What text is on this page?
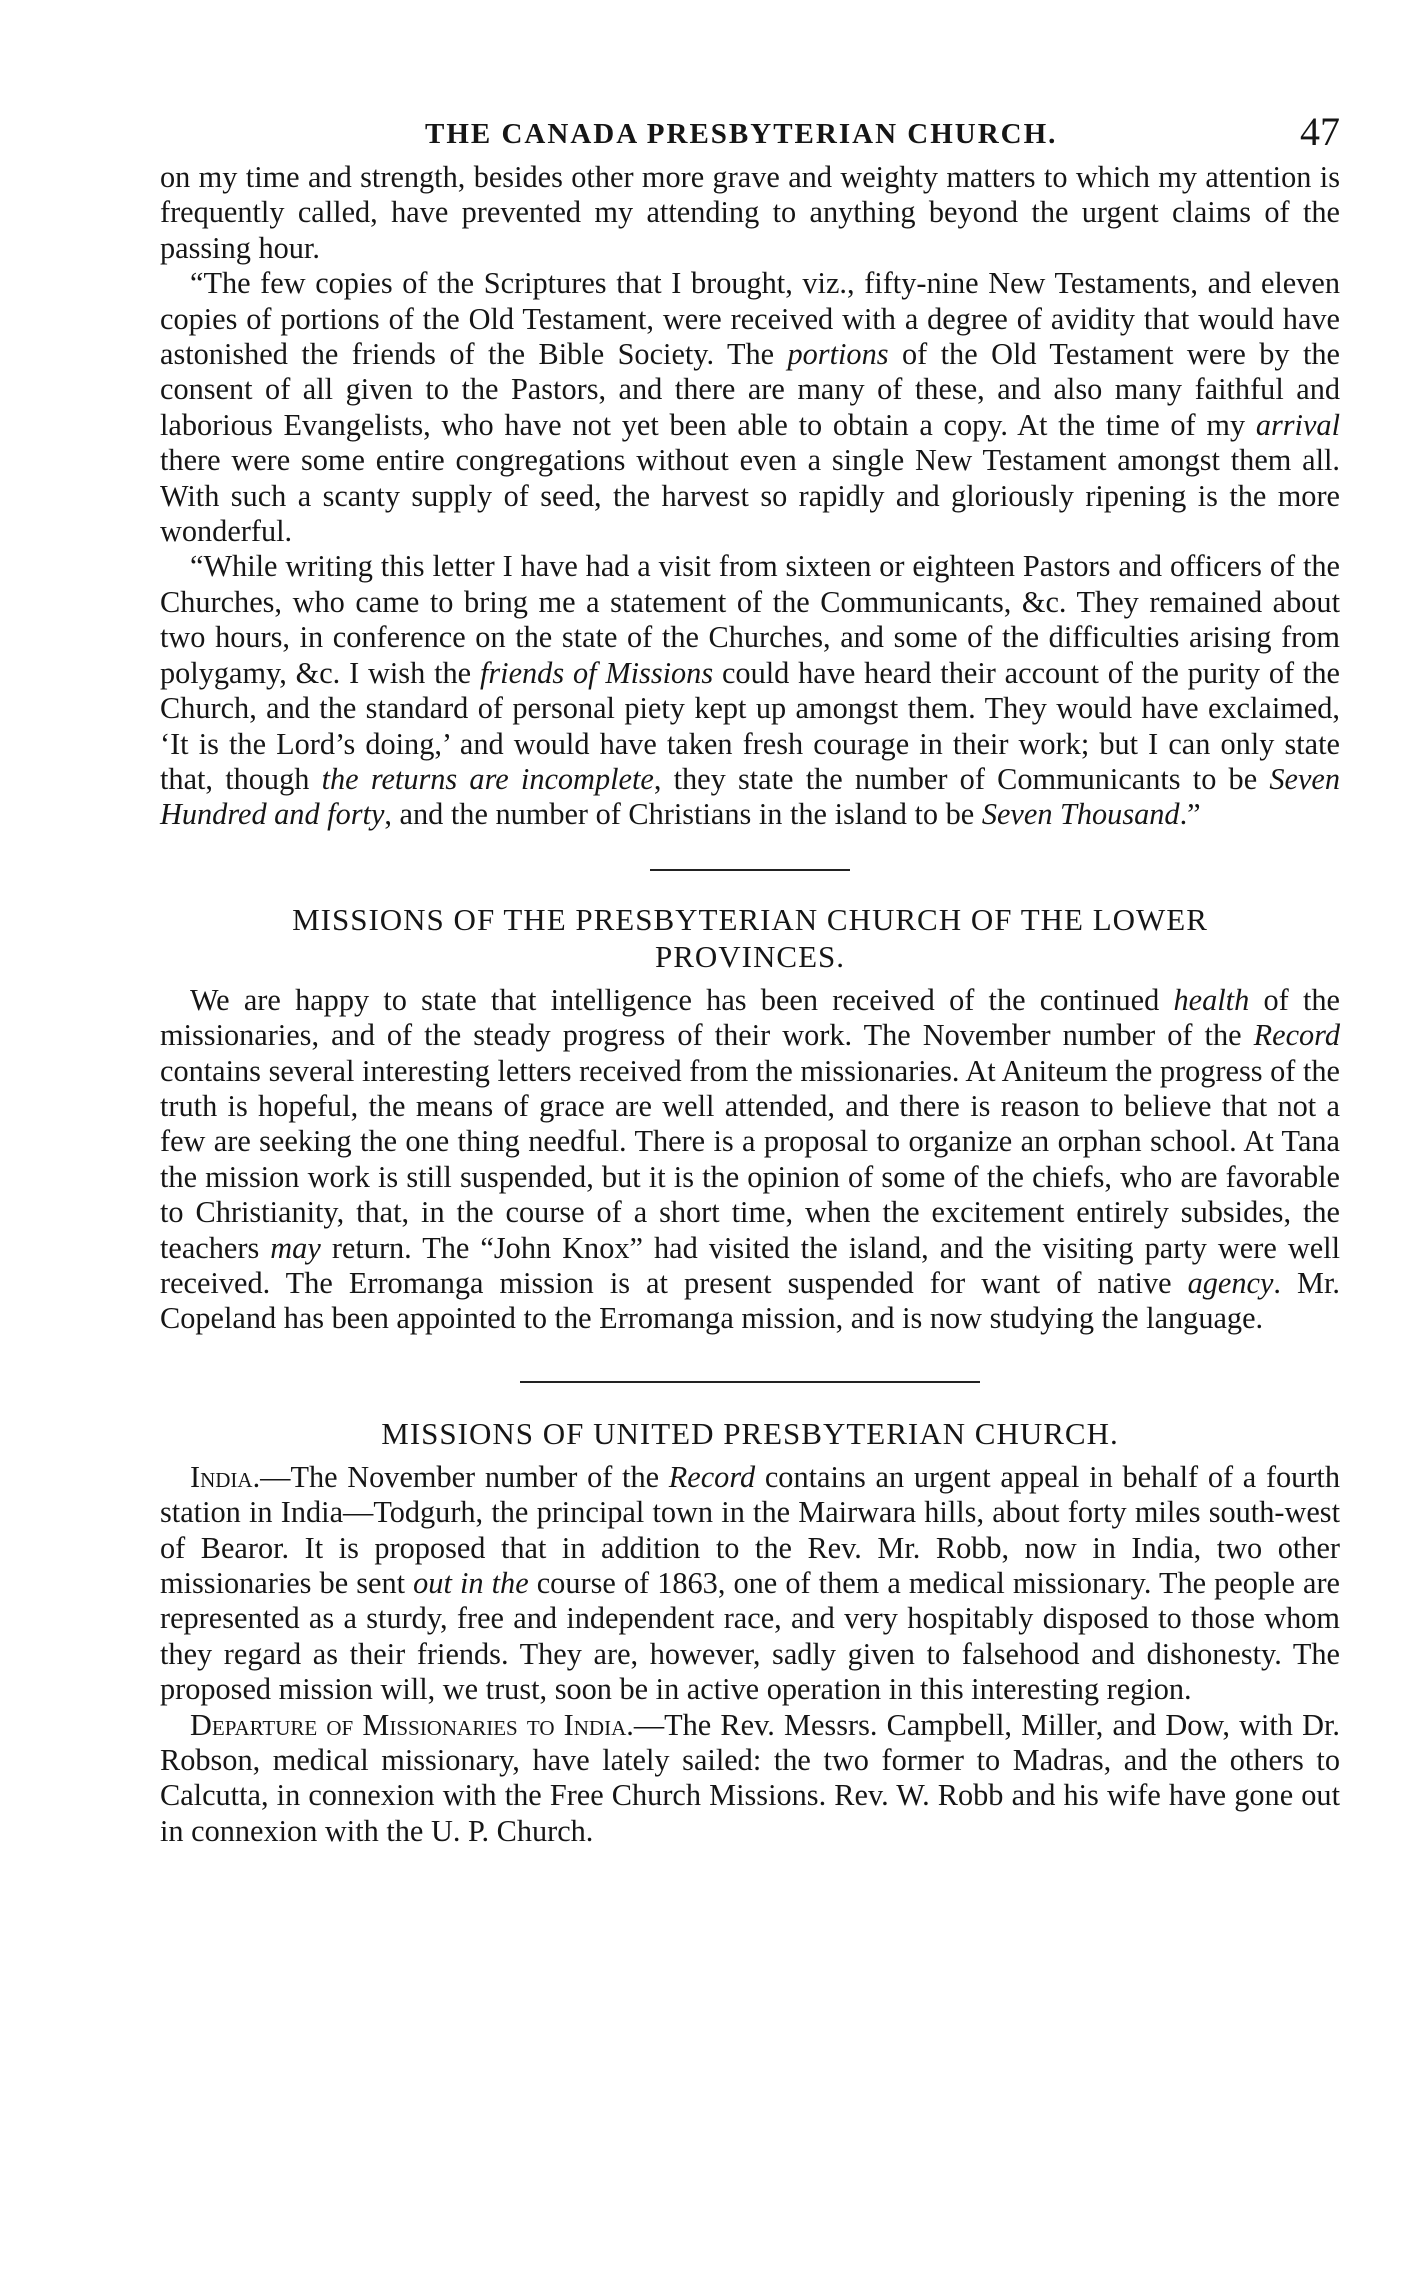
THE CANADA PRESBYTERIAN CHURCH.	47

on my time and strength, besides other more grave and weighty matters to which my attention is frequently called, have prevented my attending to anything beyond the urgent claims of the passing hour.

“The few copies of the Scriptures that I brought, viz., fifty-nine New Testaments, and eleven copies of portions of the Old Testament, were received with a degree of avidity that would have astonished the friends of the Bible Society. The portions of the Old Testament were by the consent of all given to the Pastors, and there are many of these, and also many faithful and laborious Evangelists, who have not yet been able to obtain a copy. At the time of my arrival there were some entire congregations without even a single New Testament amongst them all. With such a scanty supply of seed, the harvest so rapidly and gloriously ripening is the more wonderful.

“While writing this letter I have had a visit from sixteen or eighteen Pastors and officers of the Churches, who came to bring me a statement of the Communicants, &c. They remained about two hours, in conference on the state of the Churches, and some of the difficulties arising from polygamy, &c. I wish the friends of Missions could have heard their account of the purity of the Church, and the standard of personal piety kept up amongst them. They would have exclaimed, ‘It is the Lord’s doing,’ and would have taken fresh courage in their work; but I can only state that, though the returns are incomplete, they state the number of Communicants to be Seven Hundred and forty, and the number of Christians in the island to be Seven Thousand.”

MISSIONS OF THE PRESBYTERIAN CHURCH OF THE LOWER
PROVINCES.

We are happy to state that intelligence has been received of the continued health of the missionaries, and of the steady progress of their work. The November number of the Record contains several interesting letters received from the missionaries. At Aniteum the progress of the truth is hopeful, the means of grace are well attended, and there is reason to believe that not a few are seeking the one thing needful. There is a proposal to organize an orphan school. At Tana the mission work is still suspended, but it is the opinion of some of the chiefs, who are favorable to Christianity, that, in the course of a short time, when the excitement entirely subsides, the teachers may return. The “John Knox” had visited the island, and the visiting party were well received. The Erromanga mission is at present suspended for want of native agency. Mr. Copeland has been appointed to the Erromanga mission, and is now studying the language.

MISSIONS OF UNITED PRESBYTERIAN CHURCH.

India.—The November number of the Record contains an urgent appeal in behalf of a fourth station in India—Todgurh, the principal town in the Mairwara hills, about forty miles south-west of Bearor. It is proposed that in addition to the Rev. Mr. Robb, now in India, two other missionaries be sent out in the course of 1863, one of them a medical missionary. The people are represented as a sturdy, free and independent race, and very hospitably disposed to those whom they regard as their friends. They are, however, sadly given to falsehood and dishonesty. The proposed mission will, we trust, soon be in active operation in this interesting region.

Departure of Missionaries to India.—The Rev. Messrs. Campbell, Miller, and Dow, with Dr. Robson, medical missionary, have lately sailed: the two former to Madras, and the others to Calcutta, in connexion with the Free Church Missions. Rev. W. Robb and his wife have gone out in connexion with the U. P. Church.
